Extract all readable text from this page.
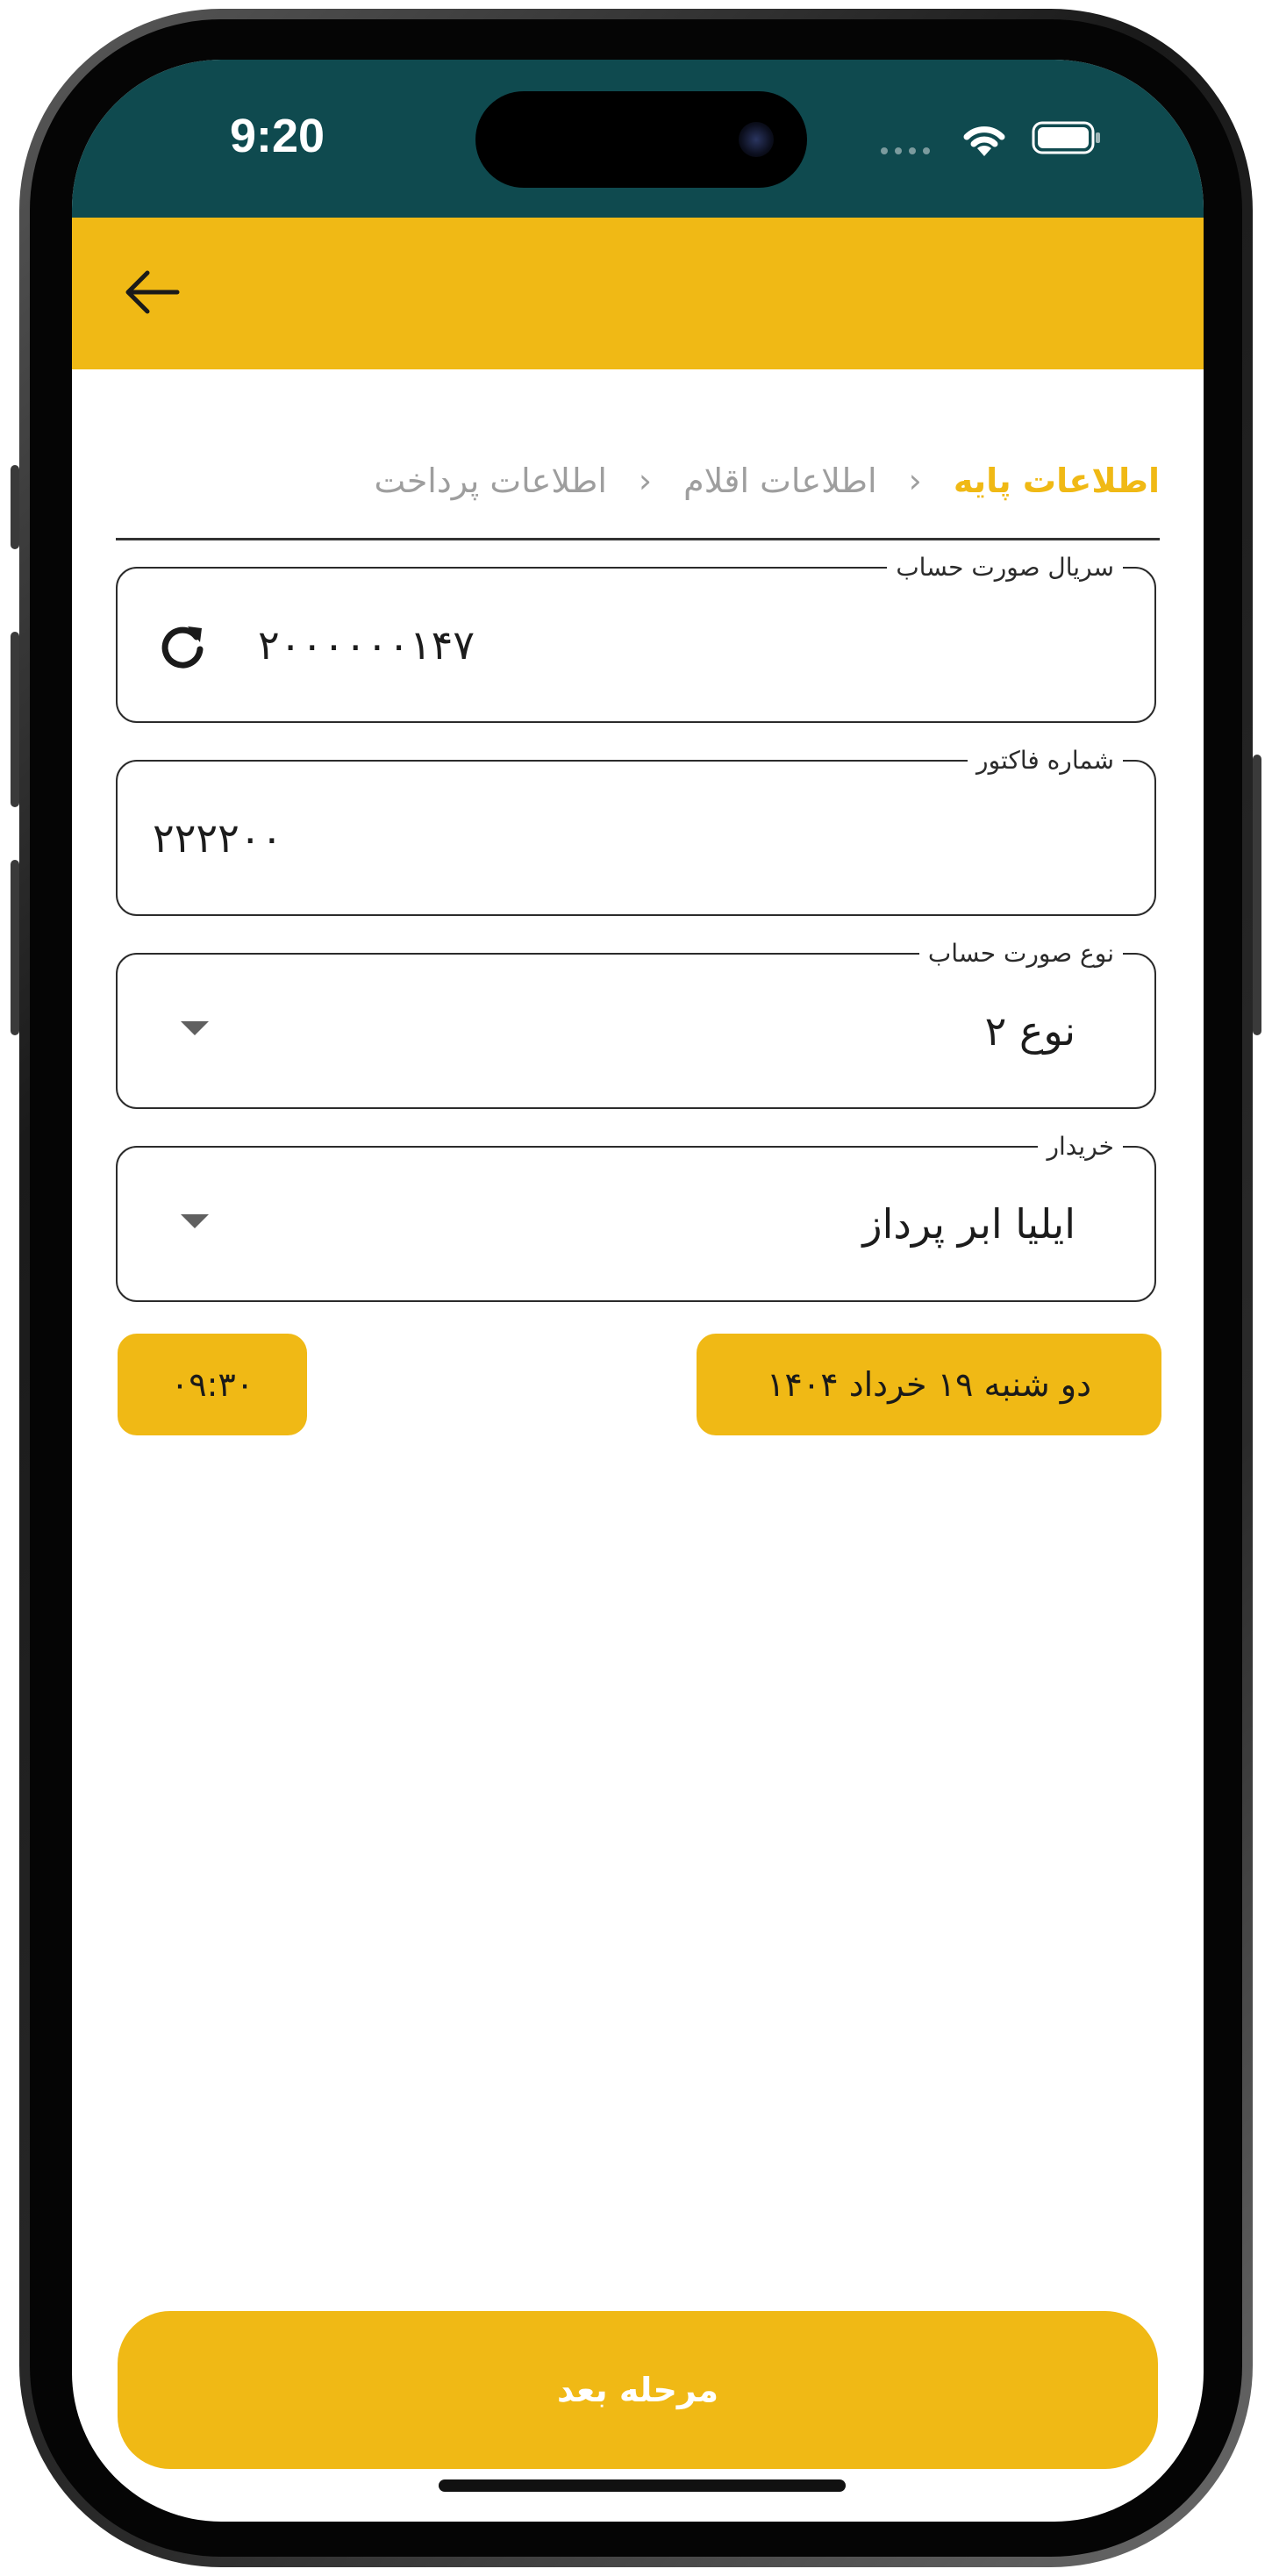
9:20
اطلاعات پایه
‹
اطلاعات اقلام
‹
اطلاعات پرداخت
سریال صورت حساب
۲۰۰۰۰۰۰۱۴۷
شماره فاکتور
۲۲۲۲۰۰
نوع صورت حساب
نوع ۲
خریدار
ایلیا ابر پرداز
دو شنبه ۱۹ خرداد ۱۴۰۴
۰۹:۳۰
مرحله بعد
